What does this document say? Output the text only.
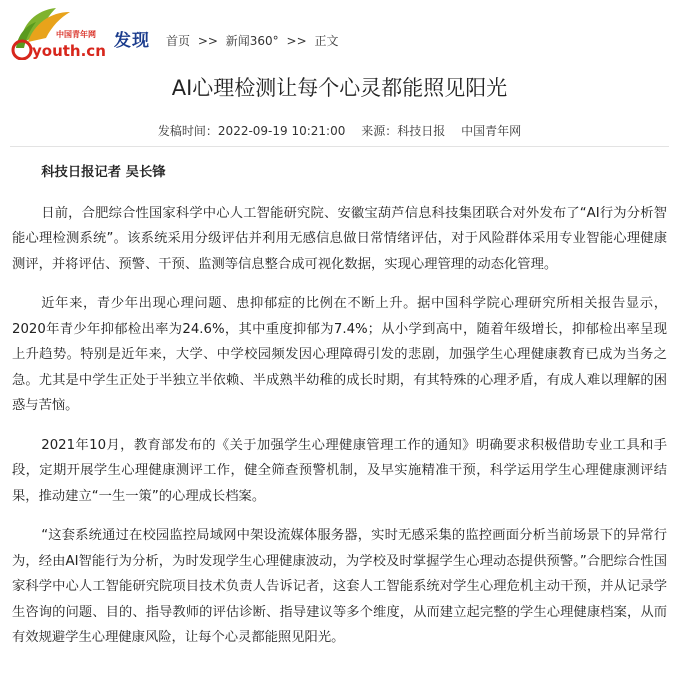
中国青年网
youth.cn 发现 首页 >> 新闻360° >> 正文
AI心理检测让每个心灵都能照见阳光
发稿时间：2022-09-19 10:21:00 来源：科技日报 中国青年网

科技日报记者 吴长锋

日前，合肥综合性国家科学中心人工智能研究院、安徽宝葫芦信息科技集团联合对外发布了“AI行为分析智能心理检测系统”。该系统采用分级评估并利用无感信息做日常情绪评估，对于风险群体采用专业智能心理健康测评，并将评估、预警、干预、监测等信息整合成可视化数据，实现心理管理的动态化管理。

近年来，青少年出现心理问题、患抑郁症的比例在不断上升。据中国科学院心理研究所相关报告显示，2020年青少年抑郁检出率为24.6%，其中重度抑郁为7.4%；从小学到高中，随着年级增长，抑郁检出率呈现上升趋势。特别是近年来，大学、中学校园频发因心理障碍引发的悲剧，加强学生心理健康教育已成为当务之急。尤其是中学生正处于半独立半依赖、半成熟半幼稚的成长时期，有其特殊的心理矛盾，有成人难以理解的困惑与苦恼。

2021年10月，教育部发布的《关于加强学生心理健康管理工作的通知》明确要求积极借助专业工具和手段，定期开展学生心理健康测评工作，健全筛查预警机制，及早实施精准干预，科学运用学生心理健康测评结果，推动建立“一生一策”的心理成长档案。

“这套系统通过在校园监控局域网中架设流媒体服务器，实时无感采集的监控画面分析当前场景下的异常行为，经由AI智能行为分析，为时发现学生心理健康波动，为学校及时掌握学生心理动态提供预警。”合肥综合性国家科学中心人工智能研究院项目技术负责人告诉记者，这套人工智能系统对学生心理危机主动干预，并从记录学生咨询的问题、目的、指导教师的评估诊断、指导建议等多个维度，从而建立起完整的学生心理健康档案，从而有效规避学生心理健康风险，让每个心灵都能照见阳光。
